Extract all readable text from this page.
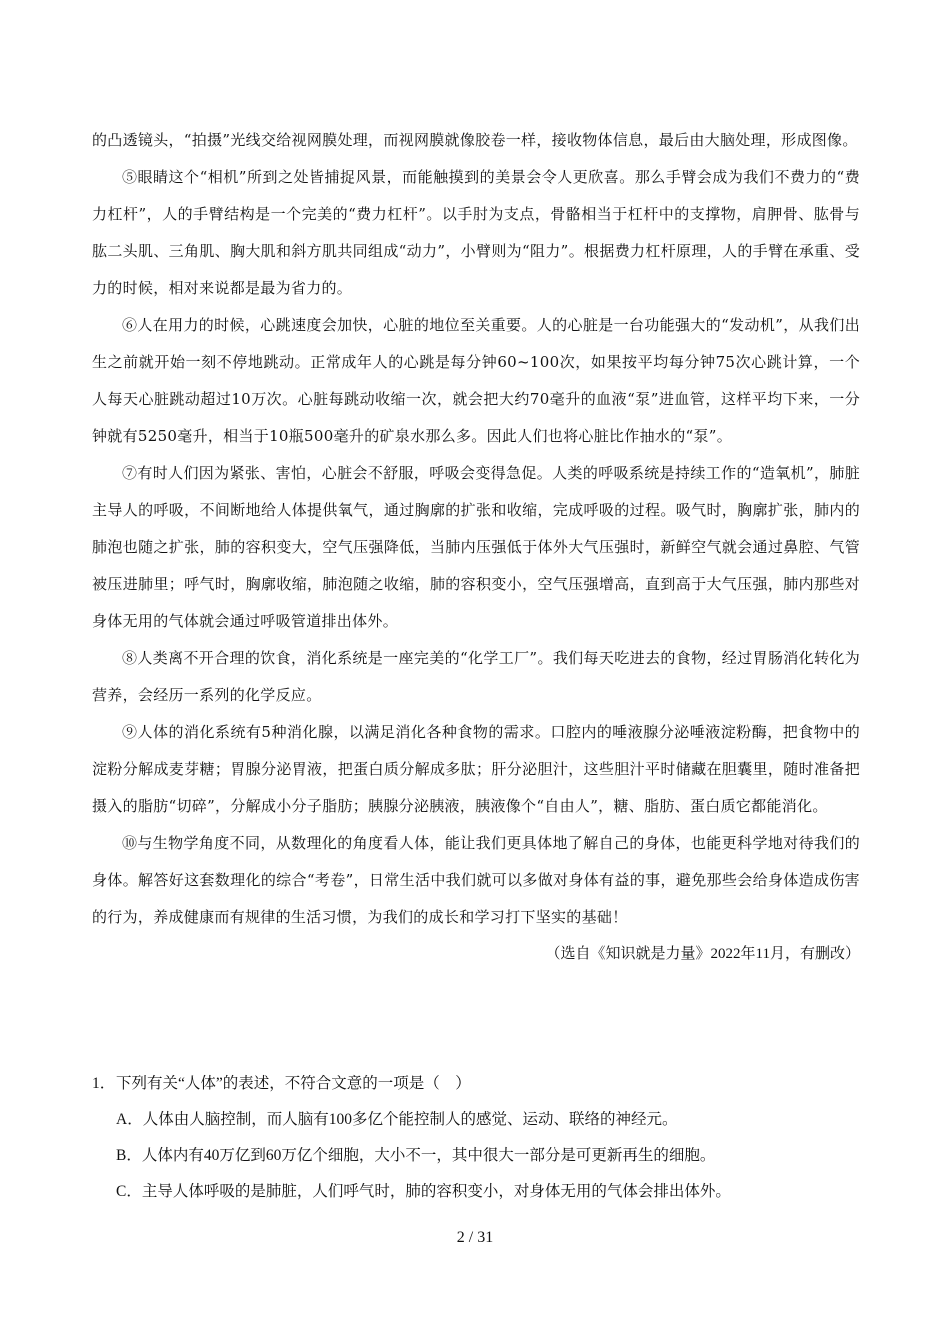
的凸透镜头，“拍摄”光线交给视网膜处理，而视网膜就像胶卷一样，接收物体信息，最后由大脑处理，形成图像。

⑤眼睛这个“相机”所到之处皆捕捉风景，而能触摸到的美景会令人更欣喜。那么手臂会成为我们不费力的“费力杠杆”，人的手臂结构是一个完美的“费力杠杆”。以手肘为支点，骨骼相当于杠杆中的支撑物，肩胛骨、肱骨与肱二头肌、三角肌、胸大肌和斜方肌共同组成“动力”，小臂则为“阻力”。根据费力杠杆原理，人的手臂在承重、受力的时候，相对来说都是最为省力的。

⑥人在用力的时候，心跳速度会加快，心脏的地位至关重要。人的心脏是一台功能强大的“发动机”，从我们出生之前就开始一刻不停地跳动。正常成年人的心跳是每分钟60~100次，如果按平均每分钟75次心跳计算，一个人每天心脏跳动超过10万次。心脏每跳动收缩一次，就会把大约70毫升的血液“泵”进血管，这样平均下来，一分钟就有5250毫升，相当于10瓶500毫升的矿泉水那么多。因此人们也将心脏比作抽水的“泵”。

⑦有时人们因为紧张、害怕，心脏会不舒服，呼吸会变得急促。人类的呼吸系统是持续工作的“造氧机”，肺脏主导人的呼吸，不间断地给人体提供氧气，通过胸廓的扩张和收缩，完成呼吸的过程。吸气时，胸廓扩张，肺内的肺泡也随之扩张，肺的容积变大，空气压强降低，当肺内压强低于体外大气压强时，新鲜空气就会通过鼻腔、气管被压进肺里；呼气时，胸廓收缩，肺泡随之收缩，肺的容积变小，空气压强增高，直到高于大气压强，肺内那些对身体无用的气体就会通过呼吸管道排出体外。

⑧人类离不开合理的饮食，消化系统是一座完美的“化学工厂”。我们每天吃进去的食物，经过胃肠消化转化为营养，会经历一系列的化学反应。

⑨人体的消化系统有5种消化腺，以满足消化各种食物的需求。口腔内的唾液腺分泌唾液淀粉酶，把食物中的淀粉分解成麦芽糖；胃腺分泌胃液，把蛋白质分解成多肽；肝分泌胆汁，这些胆汁平时储藏在胆囊里，随时准备把摄入的脂肪“切碎”，分解成小分子脂肪；胰腺分泌胰液，胰液像个“自由人”，糖、脂肪、蛋白质它都能消化。

⑩与生物学角度不同，从数理化的角度看人体，能让我们更具体地了解自己的身体，也能更科学地对待我们的身体。解答好这套数理化的综合“考卷”，日常生活中我们就可以多做对身体有益的事，避免那些会给身体造成伤害的行为，养成健康而有规律的生活习惯，为我们的成长和学习打下坚实的基础！

（选自《知识就是力量》2022年11月，有删改）

1． 下列有关“人体”的表述，不符合文意的一项是（　）

A．人体由人脑控制，而人脑有100多亿个能控制人的感觉、运动、联络的神经元。

B．人体内有40万亿到60万亿个细胞，大小不一，其中很大一部分是可更新再生的细胞。

C．主导人体呼吸的是肺脏，人们呼气时，肺的容积变小，对身体无用的气体会排出体外。

2 / 31
